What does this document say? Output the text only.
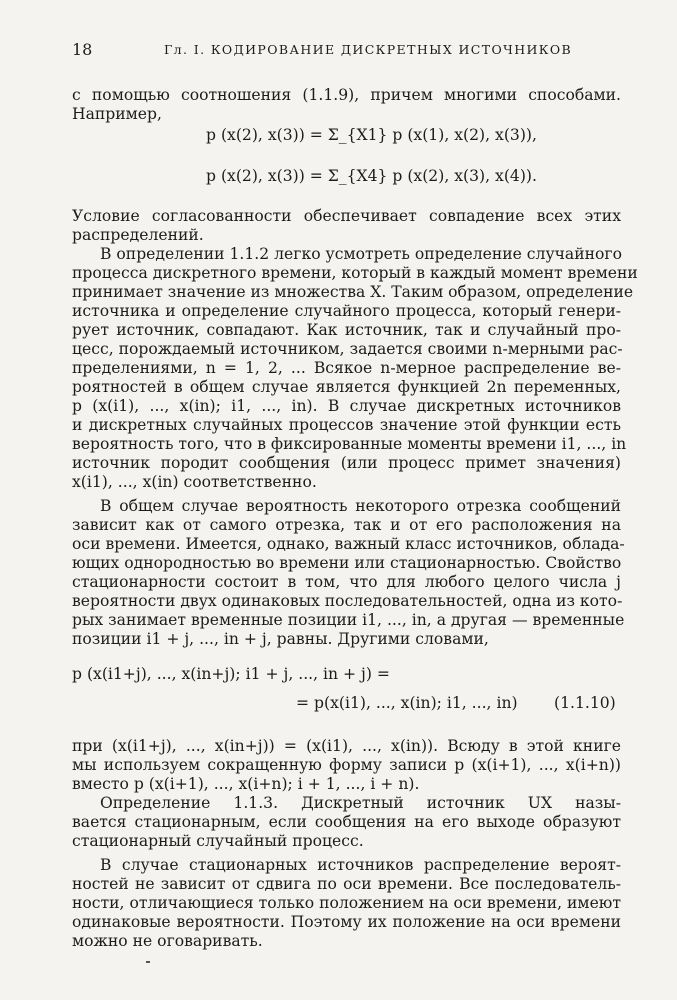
18	Гл. I. КОДИРОВАНИЕ ДИСКРЕТНЫХ ИСТОЧНИКОВ
с помощью соотношения (1.1.9), причем многими способами.
Например,
p (x(2), x(3)) = Σ_{X1} p (x(1), x(2), x(3)),
p (x(2), x(3)) = Σ_{X4} p (x(2), x(3), x(4)).
Условие согласованности обеспечивает совпадение всех этих
распределений.
В определении 1.1.2 легко усмотреть определение случайного
процесса дискретного времени, который в каждый момент времени
принимает значение из множества X. Таким образом, определение
источника и определение случайного процесса, который генери-
рует источник, совпадают. Как источник, так и случайный про-
цесс, порождаемый источником, задается своими n-мерными рас-
пределениями, n = 1, 2, ... Всякое n-мерное распределение ве-
роятностей в общем случае является функцией 2n переменных,
p (x(i1), ..., x(in); i1, ..., in). В случае дискретных источников
и дискретных случайных процессов значение этой функции есть
вероятность того, что в фиксированные моменты времени i1, ..., in
источник породит сообщения (или процесс примет значения)
x(i1), ..., x(in) соответственно.
В общем случае вероятность некоторого отрезка сообщений
зависит как от самого отрезка, так и от его расположения на
оси времени. Имеется, однако, важный класс источников, облада-
ющих однородностью во времени или стационарностью. Свойство
стационарности состоит в том, что для любого целого числа j
вероятности двух одинаковых последовательностей, одна из кото-
рых занимает временные позиции i1, ..., in, а другая — временные
позиции i1 + j, ..., in + j, равны. Другими словами,
p (x(i1+j), ..., x(in+j); i1 + j, ..., in + j) =
= p(x(i1), ..., x(in); i1, ..., in) (1.1.10)
при (x(i1+j), ..., x(in+j)) = (x(i1), ..., x(in)). Всюду в этой книге
мы используем сокращенную форму записи p (x(i+1), ..., x(i+n))
вместо p (x(i+1), ..., x(i+n); i + 1, ..., i + n).
Определение 1.1.3. Дискретный источник UX назы-
вается стационарным, если сообщения на его выходе образуют
стационарный случайный процесс.
В случае стационарных источников распределение вероят-
ностей не зависит от сдвига по оси времени. Все последователь-
ности, отличающиеся только положением на оси времени, имеют
одинаковые вероятности. Поэтому их положение на оси времени
можно не оговаривать.
